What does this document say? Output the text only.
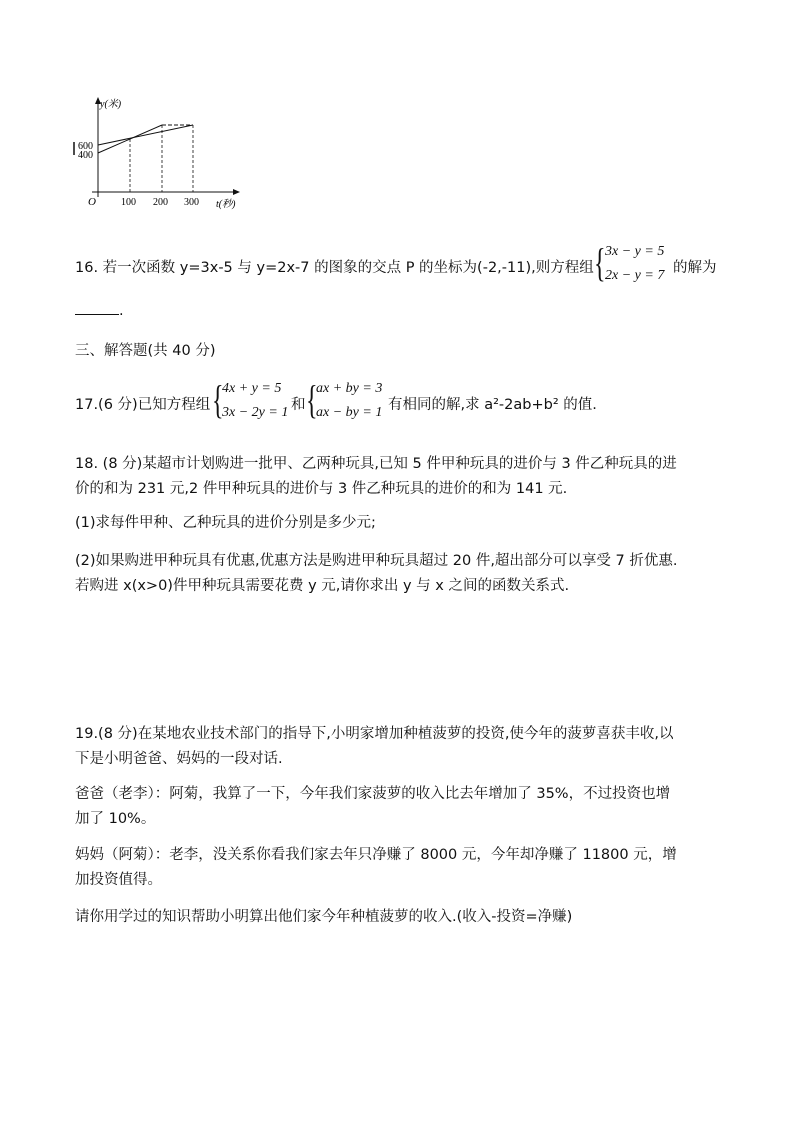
y(米)
600
400
O	100 200 300 t(秒)
16. 若一次函数 y=3x-5 与 y=2x-7 的图象的交点 P 的坐标为(-2,-11),则方程组 { 3x − y = 5
2x − y = 7 的解为
.
三、解答题(共 40 分)
17.(6 分)已知方程组 {
4x + y = 5
3x − 2y = 1 和 {
ax + by = 3
ax − by = 1 有相同的解,求 a²-2ab+b² 的值.
18. (8 分)某超市计划购进一批甲、乙两种玩具,已知 5 件甲种玩具的进价与 3 件乙种玩具的进
价的和为 231 元,2 件甲种玩具的进价与 3 件乙种玩具的进价的和为 141 元.
(1)求每件甲种、乙种玩具的进价分别是多少元;
(2)如果购进甲种玩具有优惠,优惠方法是购进甲种玩具超过 20 件,超出部分可以享受 7 折优惠.
若购进 x(x>0)件甲种玩具需要花费 y 元,请你求出 y 与 x 之间的函数关系式.
19.(8 分)在某地农业技术部门的指导下,小明家增加种植菠萝的投资,使今年的菠萝喜获丰收,以
下是小明爸爸、妈妈的一段对话.
爸爸（老李）：阿菊，我算了一下，今年我们家菠萝的收入比去年增加了 35%，不过投资也增
加了 10%。
妈妈（阿菊）：老李，没关系你看我们家去年只净赚了 8000 元，今年却净赚了 11800 元，增
加投资值得。
请你用学过的知识帮助小明算出他们家今年种植菠萝的收入.(收入-投资=净赚)
